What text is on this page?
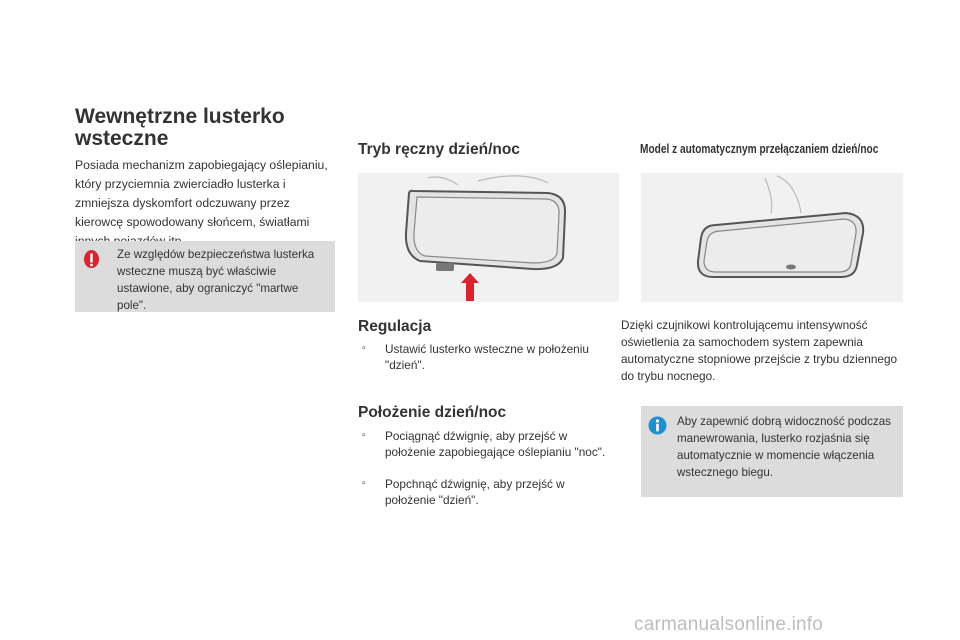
Wewnętrzne lusterko wsteczne
Posiada mechanizm zapobiegający oślepianiu, który przyciemnia zwierciadło lusterka i zmniejsza dyskomfort odczuwany przez kierowcę spowodowany słońcem, światłami
Ze względów bezpieczeństwa lusterka wsteczne muszą być właściwie ustawione, aby ograniczyć "martwe pole".
Tryb ręczny dzień/noc
Regulacja
▫	Ustawić lusterko wsteczne w położeniu "dzień".
Położenie dzień/noc
▫	Pociągnąć dźwignię, aby przejść w położenie zapobiegające oślepianiu "noc".
▫	Popchnąć dźwignię, aby przejść w położenie "dzień".
Model z automatycznym przełączaniem dzień/noc
Dzięki czujnikowi kontrolującemu intensywność oświetlenia za samochodem system zapewnia automatyczne stopniowe przejście z trybu dziennego do trybu nocnego.
Aby zapewnić dobrą widoczność podczas manewrowania, lusterko rozjaśnia się automatycznie w momencie włączenia wstecznego biegu.
carmanualsonline.info
